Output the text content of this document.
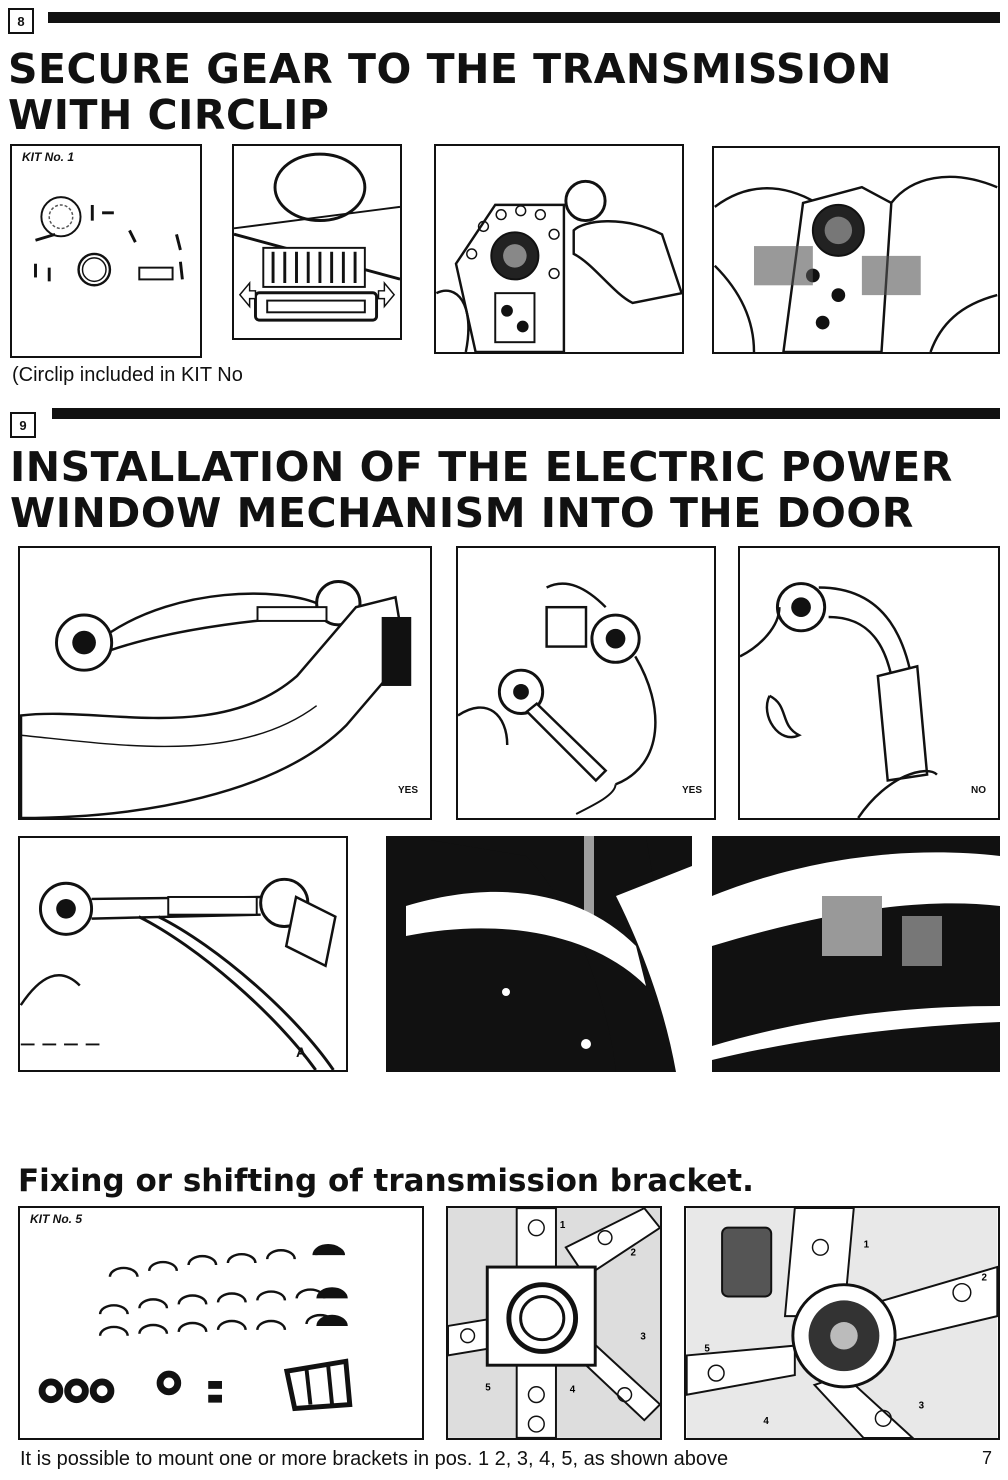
8
SECURE GEAR TO THE TRANSMISSION
WITH CIRCLIP
KIT No. 1
(Circlip included in KIT No
9
INSTALLATION OF THE ELECTRIC POWER
WINDOW MECHANISM INTO THE DOOR
YES	YES	NO
A
Fixing or shifting of transmission bracket.
KIT No. 5	1
2
3
4
5
1
2
3
4
5
It is possible to mount one or more brackets in pos. 1 2, 3, 4, 5, as shown above	7
